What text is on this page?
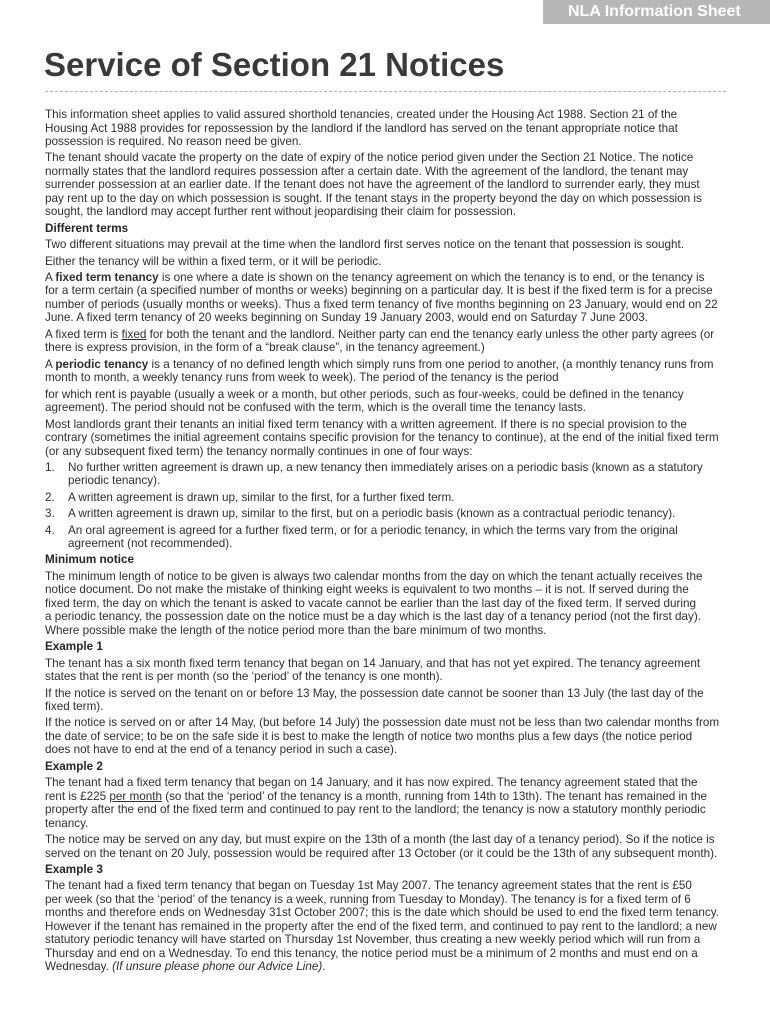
NLA Information Sheet
Service of Section 21 Notices
This information sheet applies to valid assured shorthold tenancies, created under the Housing Act 1988. Section 21 of the
Housing Act 1988 provides for repossession by the landlord if the landlord has served on the tenant appropriate notice that
possession is required. No reason need be given.
The tenant should vacate the property on the date of expiry of the notice period given under the Section 21 Notice. The notice
normally states that the landlord requires possession after a certain date. With the agreement of the landlord, the tenant may
surrender possession at an earlier date. If the tenant does not have the agreement of the landlord to surrender early, they must
pay rent up to the day on which possession is sought. If the tenant stays in the property beyond the day on which possession is
sought, the landlord may accept further rent without jeopardising their claim for possession.
Different terms
Two different situations may prevail at the time when the landlord first serves notice on the tenant that possession is sought.
Either the tenancy will be within a fixed term, or it will be periodic.
A fixed term tenancy is one where a date is shown on the tenancy agreement on which the tenancy is to end, or the tenancy is
for a term certain (a specified number of months or weeks) beginning on a particular day. It is best if the fixed term is for a precise
number of periods (usually months or weeks). Thus a fixed term tenancy of five months beginning on 23 January, would end on 22
June. A fixed term tenancy of 20 weeks beginning on Sunday 19 January 2003, would end on Saturday 7 June 2003.
A fixed term is fixed for both the tenant and the landlord. Neither party can end the tenancy early unless the other party agrees (or
there is express provision, in the form of a “break clause”, in the tenancy agreement.)
A periodic tenancy is a tenancy of no defined length which simply runs from one period to another, (a monthly tenancy runs from
month to month, a weekly tenancy runs from week to week). The period of the tenancy is the period
for which rent is payable (usually a week or a month, but other periods, such as four-weeks, could be defined in the tenancy
agreement). The period should not be confused with the term, which is the overall time the tenancy lasts.
Most landlords grant their tenants an initial fixed term tenancy with a written agreement. If there is no special provision to the
contrary (sometimes the initial agreement contains specific provision for the tenancy to continue), at the end of the initial fixed term
(or any subsequent fixed term) the tenancy normally continues in one of four ways:
1. No further written agreement is drawn up, a new tenancy then immediately arises on a periodic basis (known as a statutory
periodic tenancy).
2. A written agreement is drawn up, similar to the first, for a further fixed term.
3. A written agreement is drawn up, similar to the first, but on a periodic basis (known as a contractual periodic tenancy).
4. An oral agreement is agreed for a further fixed term, or for a periodic tenancy, in which the terms vary from the original
agreement (not recommended).
Minimum notice
The minimum length of notice to be given is always two calendar months from the day on which the tenant actually receives the
notice document. Do not make the mistake of thinking eight weeks is equivalent to two months – it is not. If served during the
fixed term, the day on which the tenant is asked to vacate cannot be earlier than the last day of the fixed term. If served during
a periodic tenancy, the possession date on the notice must be a day which is the last day of a tenancy period (not the first day).
Where possible make the length of the notice period more than the bare minimum of two months.
Example 1
The tenant has a six month fixed term tenancy that began on 14 January, and that has not yet expired. The tenancy agreement
states that the rent is per month (so the ‘period’ of the tenancy is one month).
If the notice is served on the tenant on or before 13 May, the possession date cannot be sooner than 13 July (the last day of the
fixed term).
If the notice is served on or after 14 May, (but before 14 July) the possession date must not be less than two calendar months from
the date of service; to be on the safe side it is best to make the length of notice two months plus a few days (the notice period
does not have to end at the end of a tenancy period in such a case).
Example 2
The tenant had a fixed term tenancy that began on 14 January, and it has now expired. The tenancy agreement stated that the
rent is £225 per month (so that the ‘period’ of the tenancy is a month, running from 14th to 13th). The tenant has remained in the
property after the end of the fixed term and continued to pay rent to the landlord; the tenancy is now a statutory monthly periodic
tenancy.
The notice may be served on any day, but must expire on the 13th of a month (the last day of a tenancy period). So if the notice is
served on the tenant on 20 July, possession would be required after 13 October (or it could be the 13th of any subsequent month).
Example 3
The tenant had a fixed term tenancy that began on Tuesday 1st May 2007. The tenancy agreement states that the rent is £50
per week (so that the ‘period’ of the tenancy is a week, running from Tuesday to Monday). The tenancy is for a fixed term of 6
months and therefore ends on Wednesday 31st October 2007; this is the date which should be used to end the fixed term tenancy.
However if the tenant has remained in the property after the end of the fixed term, and continued to pay rent to the landlord; a new
statutory periodic tenancy will have started on Thursday 1st November, thus creating a new weekly period which will run from a
Thursday and end on a Wednesday. To end this tenancy, the notice period must be a minimum of 2 months and must end on a
Wednesday. (If unsure please phone our Advice Line).
